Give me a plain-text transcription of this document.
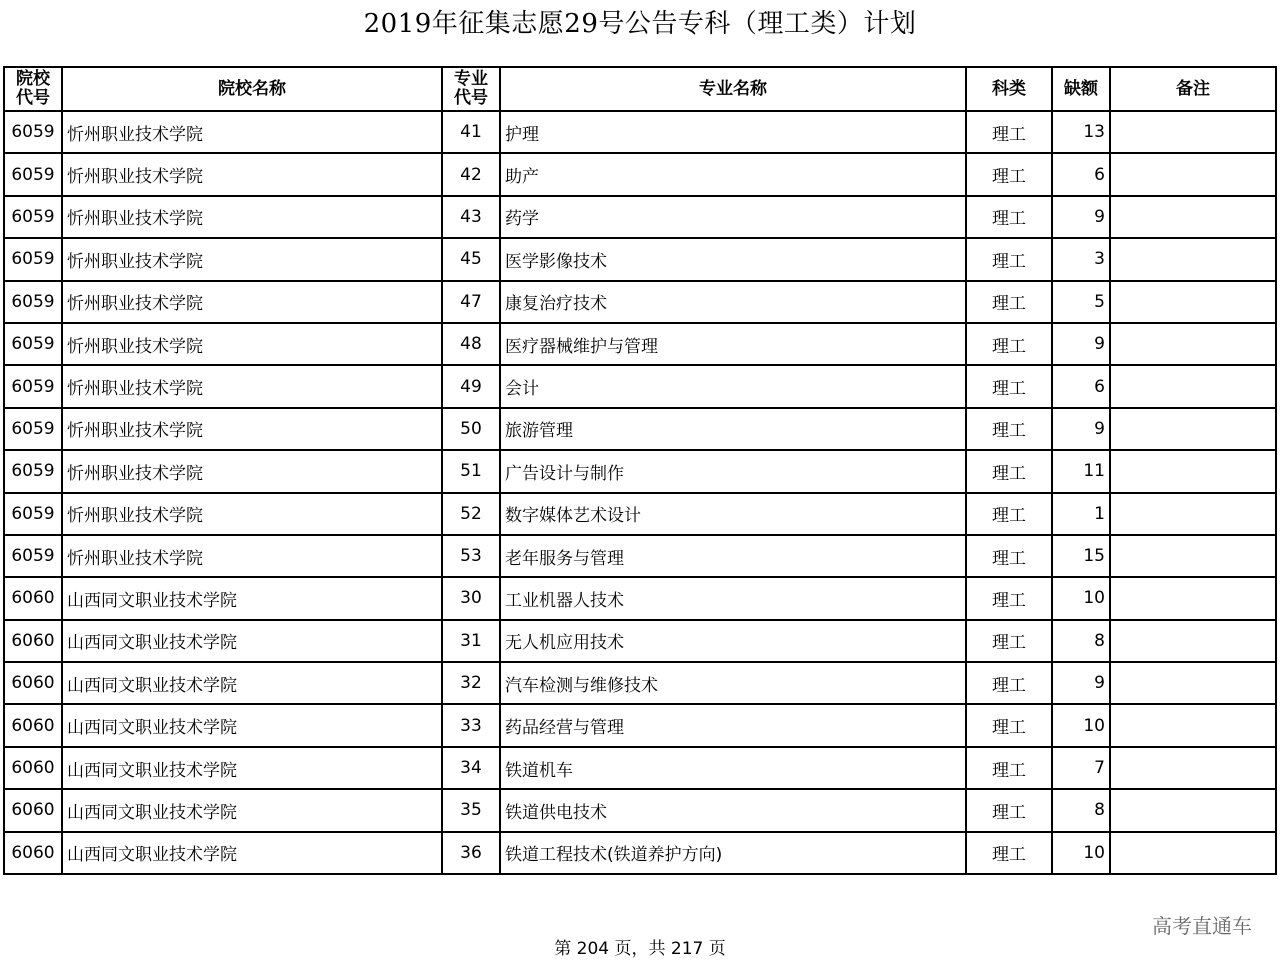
2019年征集志愿29号公告专科（理工类）计划
院校代号	院校名称	专业代号	专业名称	科类	缺额	备注
6059	忻州职业技术学院	41	护理	理工	13	
6059	忻州职业技术学院	42	助产	理工	6	
6059	忻州职业技术学院	43	药学	理工	9	
6059	忻州职业技术学院	45	医学影像技术	理工	3	
6059	忻州职业技术学院	47	康复治疗技术	理工	5	
6059	忻州职业技术学院	48	医疗器械维护与管理	理工	9	
6059	忻州职业技术学院	49	会计	理工	6	
6059	忻州职业技术学院	50	旅游管理	理工	9	
6059	忻州职业技术学院	51	广告设计与制作	理工	11	
6059	忻州职业技术学院	52	数字媒体艺术设计	理工	1	
6059	忻州职业技术学院	53	老年服务与管理	理工	15	
6060	山西同文职业技术学院	30	工业机器人技术	理工	10	
6060	山西同文职业技术学院	31	无人机应用技术	理工	8	
6060	山西同文职业技术学院	32	汽车检测与维修技术	理工	9	
6060	山西同文职业技术学院	33	药品经营与管理	理工	10	
6060	山西同文职业技术学院	34	铁道机车	理工	7	
6060	山西同文职业技术学院	35	铁道供电技术	理工	8	
6060	山西同文职业技术学院	36	铁道工程技术(铁道养护方向)	理工	10	
高考直通车
第 204 页，共 217 页
